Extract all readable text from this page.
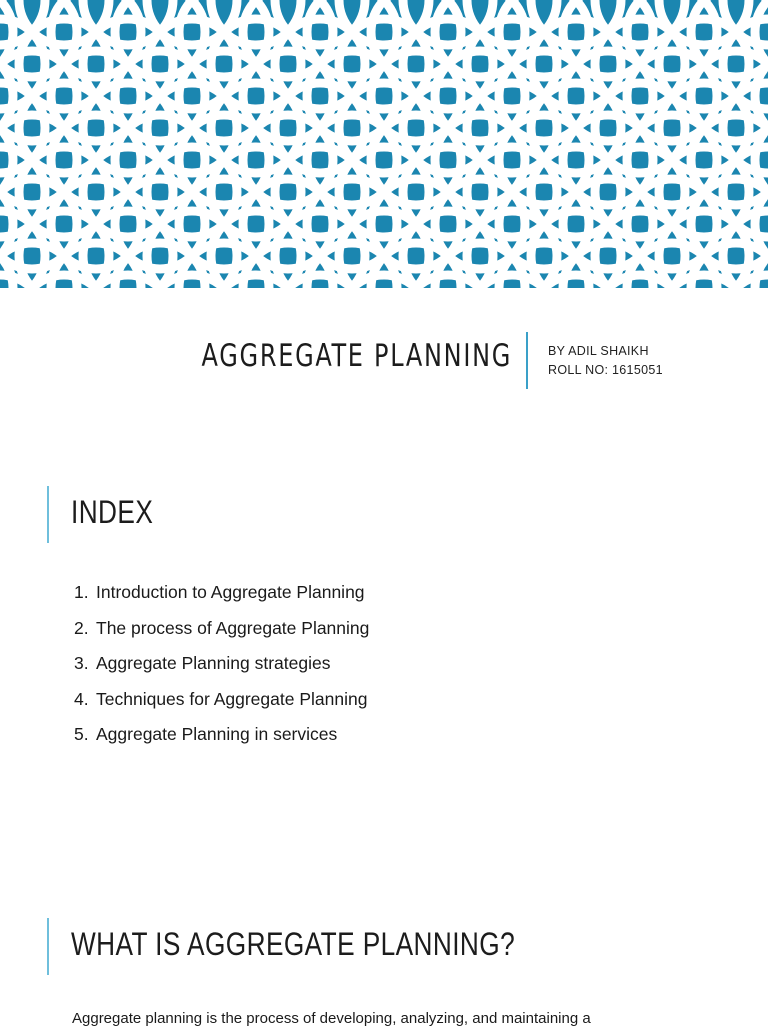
AGGREGATE PLANNING	BY ADIL SHAIKH
ROLL NO: 1615051
INDEX
1. Introduction to Aggregate Planning
2. The process of Aggregate Planning
3. Aggregate Planning strategies
4. Techniques for Aggregate Planning
5. Aggregate Planning in services
WHAT IS AGGREGATE PLANNING?
Aggregate planning is the process of developing, analyzing, and maintaining a
